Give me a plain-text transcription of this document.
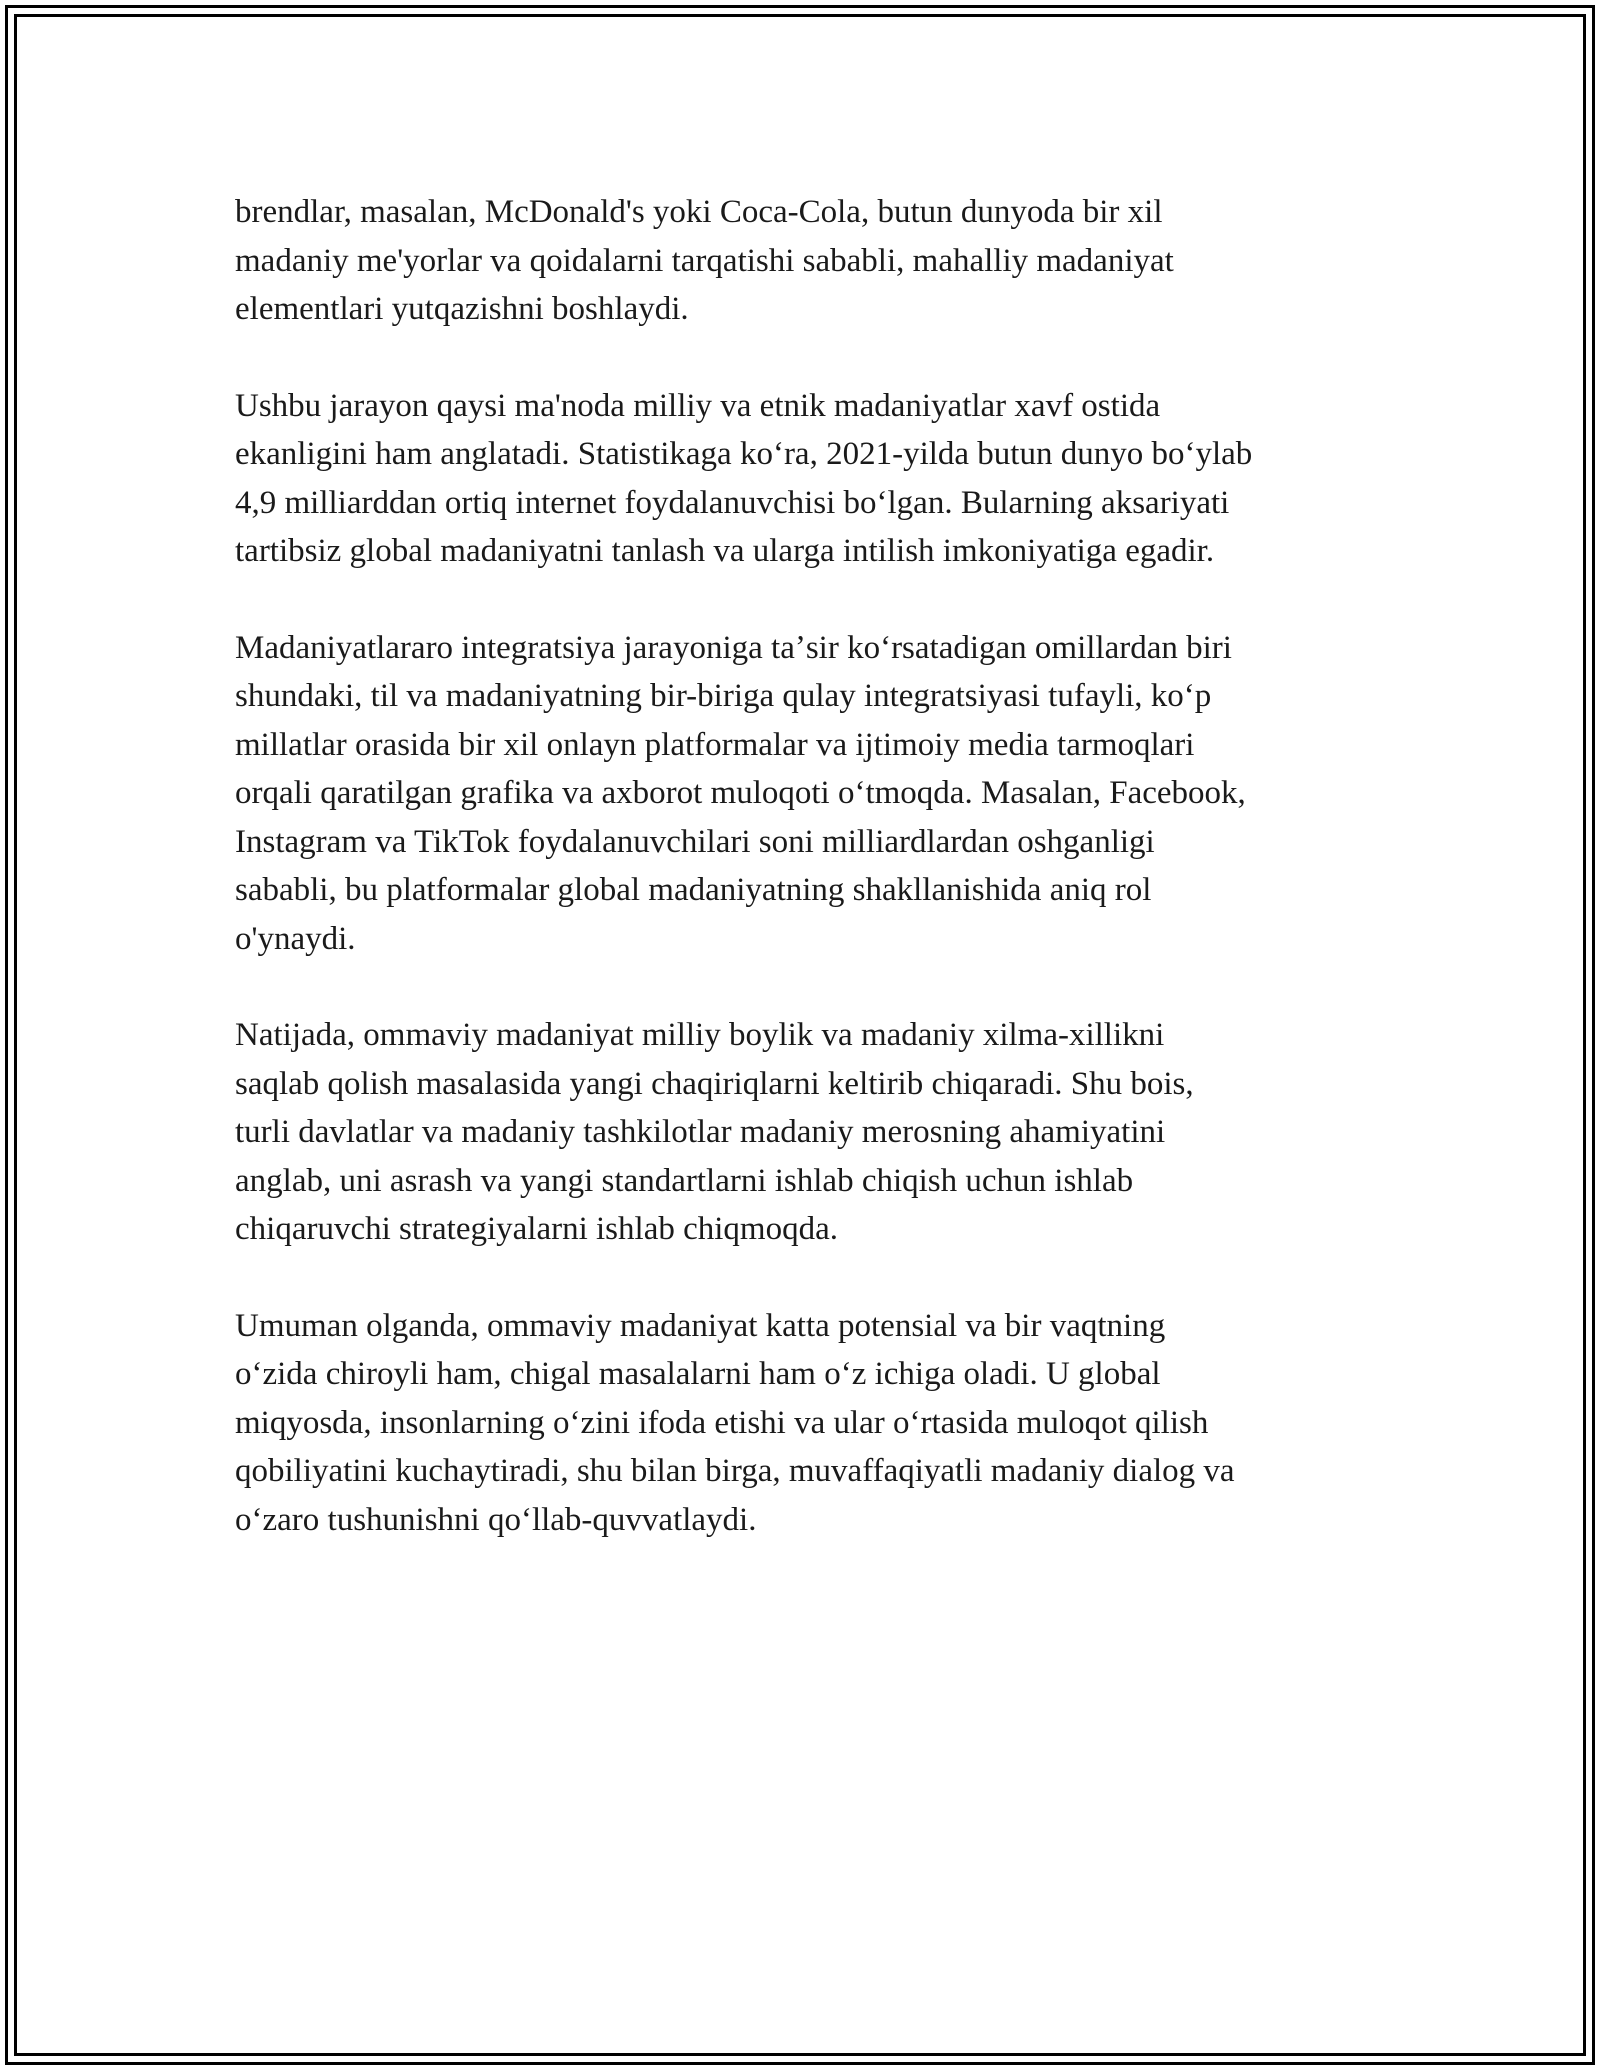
brendlar, masalan, McDonald's yoki Coca-Cola, butun dunyoda bir xil
madaniy me'yorlar va qoidalarni tarqatishi sababli, mahalliy madaniyat
elementlari yutqazishni boshlaydi.

Ushbu jarayon qaysi ma'noda milliy va etnik madaniyatlar xavf ostida
ekanligini ham anglatadi. Statistikaga koʻra, 2021-yilda butun dunyo boʻylab
4,9 milliarddan ortiq internet foydalanuvchisi boʻlgan. Bularning aksariyati
tartibsiz global madaniyatni tanlash va ularga intilish imkoniyatiga egadir.

Madaniyatlararo integratsiya jarayoniga taʼsir koʻrsatadigan omillardan biri
shundaki, til va madaniyatning bir-biriga qulay integratsiyasi tufayli, koʻp
millatlar orasida bir xil onlayn platformalar va ijtimoiy media tarmoqlari
orqali qaratilgan grafika va axborot muloqoti oʻtmoqda. Masalan, Facebook,
Instagram va TikTok foydalanuvchilari soni milliardlardan oshganligi
sababli, bu platformalar global madaniyatning shakllanishida aniq rol
o'ynaydi.

Natijada, ommaviy madaniyat milliy boylik va madaniy xilma-xillikni
saqlab qolish masalasida yangi chaqiriqlarni keltirib chiqaradi. Shu bois,
turli davlatlar va madaniy tashkilotlar madaniy merosning ahamiyatini
anglab, uni asrash va yangi standartlarni ishlab chiqish uchun ishlab
chiqaruvchi strategiyalarni ishlab chiqmoqda.

Umuman olganda, ommaviy madaniyat katta potensial va bir vaqtning
oʻzida chiroyli ham, chigal masalalarni ham oʻz ichiga oladi. U global
miqyosda, insonlarning oʻzini ifoda etishi va ular oʻrtasida muloqot qilish
qobiliyatini kuchaytiradi, shu bilan birga, muvaffaqiyatli madaniy dialog va
oʻzaro tushunishni qoʻllab-quvvatlaydi.
